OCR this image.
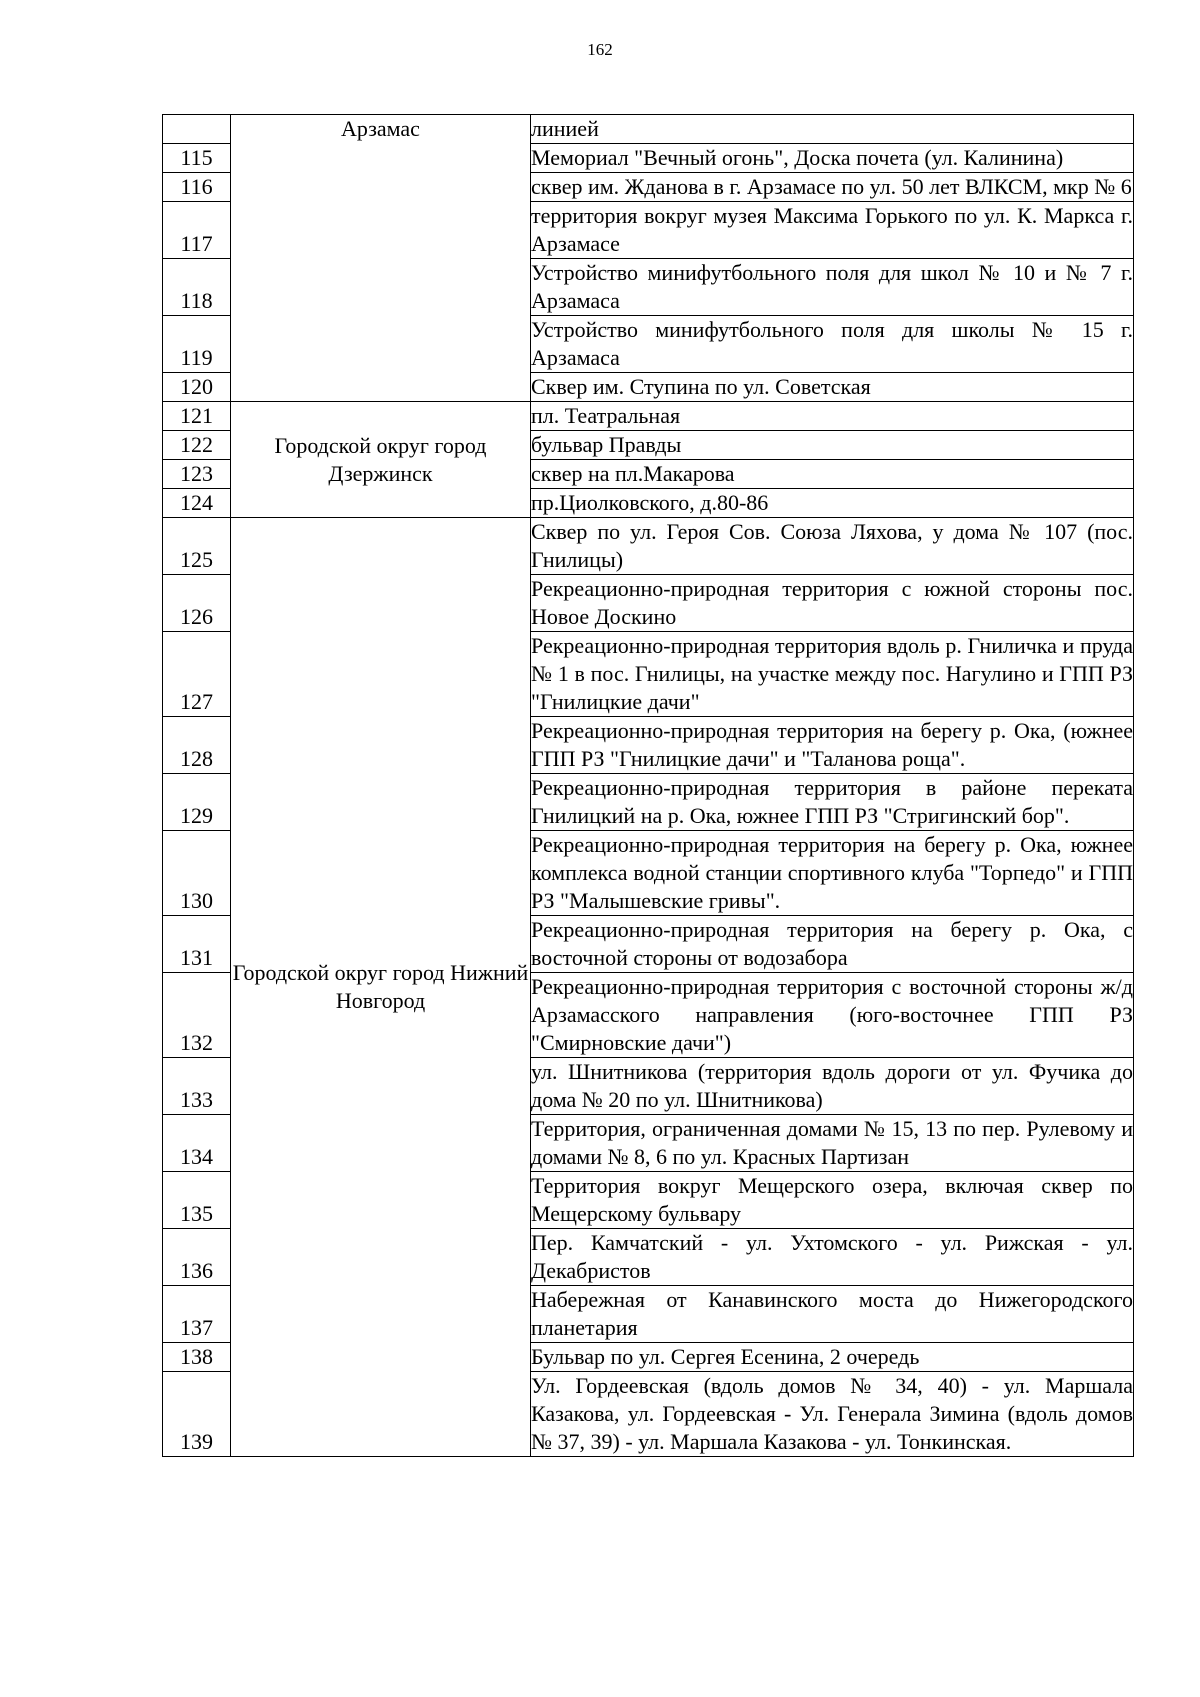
162
	Арзамас	линией
115		Мемориал "Вечный огонь", Доска почета (ул. Калинина)
116		сквер им. Жданова в г. Арзамасе по ул. 50 лет ВЛКСМ, мкр № 6
117		территория вокруг музея Максима Горького по ул. К. Маркса г. Арзамасе
118		Устройство минифутбольного поля для школ № 10 и № 7 г. Арзамаса
119		Устройство минифутбольного поля для школы № 15 г. Арзамаса
120		Сквер им. Ступина по ул. Советская
121	Городской округ город Дзержинск	пл. Театральная
122		бульвар Правды
123		сквер на пл.Макарова
124		пр.Циолковского, д.80-86
125	Городской округ город Нижний Новгород	Сквер по ул. Героя Сов. Союза Ляхова, у дома № 107 (пос. Гнилицы)
126		Рекреационно-природная территория с южной стороны пос. Новое Доскино
127		Рекреационно-природная территория вдоль р. Гниличка и пруда № 1 в пос. Гнилицы, на участке между пос. Нагулино и ГПП РЗ "Гнилицкие дачи"
128		Рекреационно-природная территория на берегу р. Ока, (южнее ГПП РЗ "Гнилицкие дачи" и "Таланова роща".
129		Рекреационно-природная территория в районе переката Гнилицкий на р. Ока, южнее ГПП РЗ "Стригинский бор".
130		Рекреационно-природная территория на берегу р. Ока, южнее комплекса водной станции спортивного клуба "Торпедо" и ГПП РЗ "Малышевские гривы".
131		Рекреационно-природная территория на берегу р. Ока, с восточной стороны от водозабора
132		Рекреационно-природная территория с восточной стороны ж/д Арзамасского направления (юго-восточнее ГПП РЗ "Смирновские дачи")
133		ул. Шнитникова (территория вдоль дороги от ул. Фучика до дома № 20 по ул. Шнитникова)
134		Территория, ограниченная домами № 15, 13 по пер. Рулевому и домами № 8, 6 по ул. Красных Партизан
135		Территория вокруг Мещерского озера, включая сквер по Мещерскому бульвару
136		Пер. Камчатский - ул. Ухтомского - ул. Рижская - ул. Декабристов
137		Набережная от Канавинского моста до Нижегородского планетария
138		Бульвар по ул. Сергея Есенина, 2 очередь
139		Ул. Гордеевская (вдоль домов № 34, 40) - ул. Маршала Казакова, ул. Гордеевская - Ул. Генерала Зимина (вдоль домов № 37, 39) - ул. Маршала Казакова - ул. Тонкинская.
